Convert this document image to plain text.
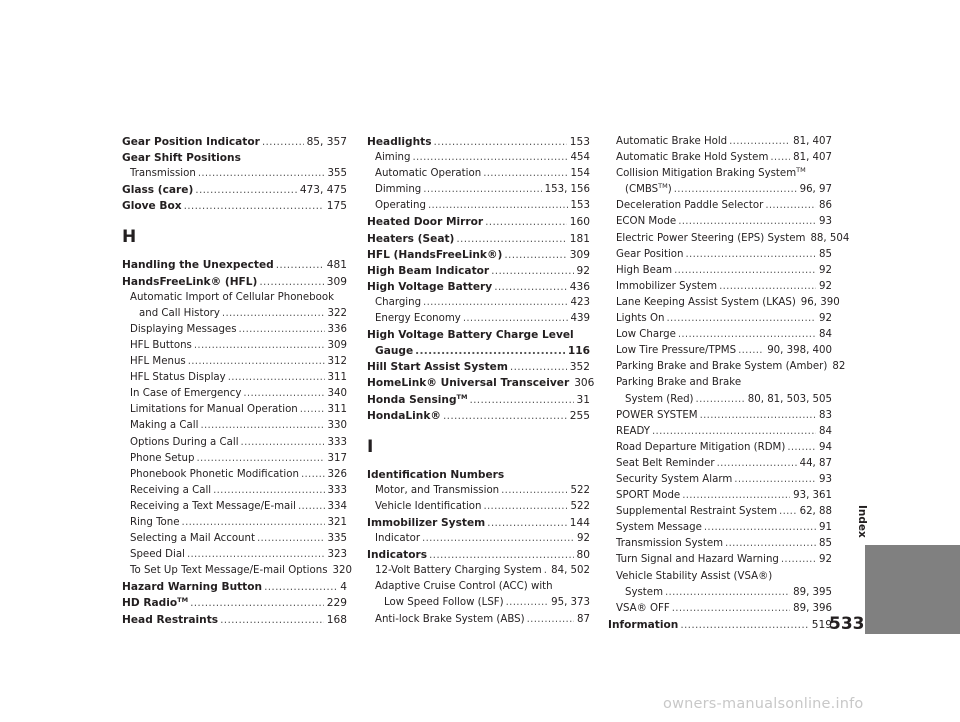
Gear Position Indicator .....	85, 357
Gear Shift Positions
Transmission .....	355
Glass (care) .....	473, 475
Glove Box .....	175
H
Handling the Unexpected .....	481
HandsFreeLink® (HFL) .....	309
Automatic Import of Cellular Phonebook
and Call History .....	322
Displaying Messages .....	336
HFL Buttons .....	309
HFL Menus .....	312
HFL Status Display .....	311
In Case of Emergency .....	340
Limitations for Manual Operation .....	311
Making a Call .....	330
Options During a Call .....	333
Phone Setup .....	317
Phonebook Phonetic Modification .....	326
Receiving a Call .....	333
Receiving a Text Message/E-mail .....	334
Ring Tone .....	321
Selecting a Mail Account .....	335
Speed Dial .....	323
To Set Up Text Message/E-mail Options 320
Hazard Warning Button .....	4
HD Radio™ .....	229
Head Restraints .....	168
Headlights .....	153
Aiming .....	454
Automatic Operation .....	154
Dimming .....	153, 156
Operating .....	153
Heated Door Mirror .....	160
Heaters (Seat) .....	181
HFL (HandsFreeLink®) .....	309
High Beam Indicator .....	92
High Voltage Battery .....	436
Charging .....	423
Energy Economy .....	439
High Voltage Battery Charge Level
Gauge .....	116
Hill Start Assist System .....	352
HomeLink® Universal Transceiver 306
Honda Sensing™ .....	31
HondaLink® .....	255
I
Identification Numbers
Motor, and Transmission .....	522
Vehicle Identification .....	522
Immobilizer System .....	144
Indicator .....	92
Indicators .....	80
12-Volt Battery Charging System ..... 84, 502
Adaptive Cruise Control (ACC) with
Low Speed Follow (LSF) .....	95, 373
Anti-lock Brake System (ABS) .....	87
Automatic Brake Hold .....	81, 407
Automatic Brake Hold System ..... 81, 407
Collision Mitigation Braking System™
(CMBS™) .....	96, 97
Deceleration Paddle Selector .....	86
ECON Mode .....	93
Electric Power Steering (EPS) System 88, 504
Gear Position .....	85
High Beam .....	92
Immobilizer System .....	92
Lane Keeping Assist System (LKAS) 96, 390
Lights On .....	92
Low Charge .....	84
Low Tire Pressure/TPMS .....	90, 398, 400
Parking Brake and Brake System (Amber) 82
Parking Brake and Brake
System (Red) .....	80, 81, 503, 505
POWER SYSTEM .....	83
READY .....	84
Road Departure Mitigation (RDM) .....	94
Seat Belt Reminder .....	44, 87
Security System Alarm .....	93
SPORT Mode .....	93, 361
Supplemental Restraint System ..... 62, 88
System Message .....	91
Transmission System .....	85
Turn Signal and Hazard Warning .....	92
Vehicle Stability Assist (VSA®)
System .....	89, 395
VSA® OFF .....	89, 396
Information .....	519
Index
533
owners-manualsonline.info
